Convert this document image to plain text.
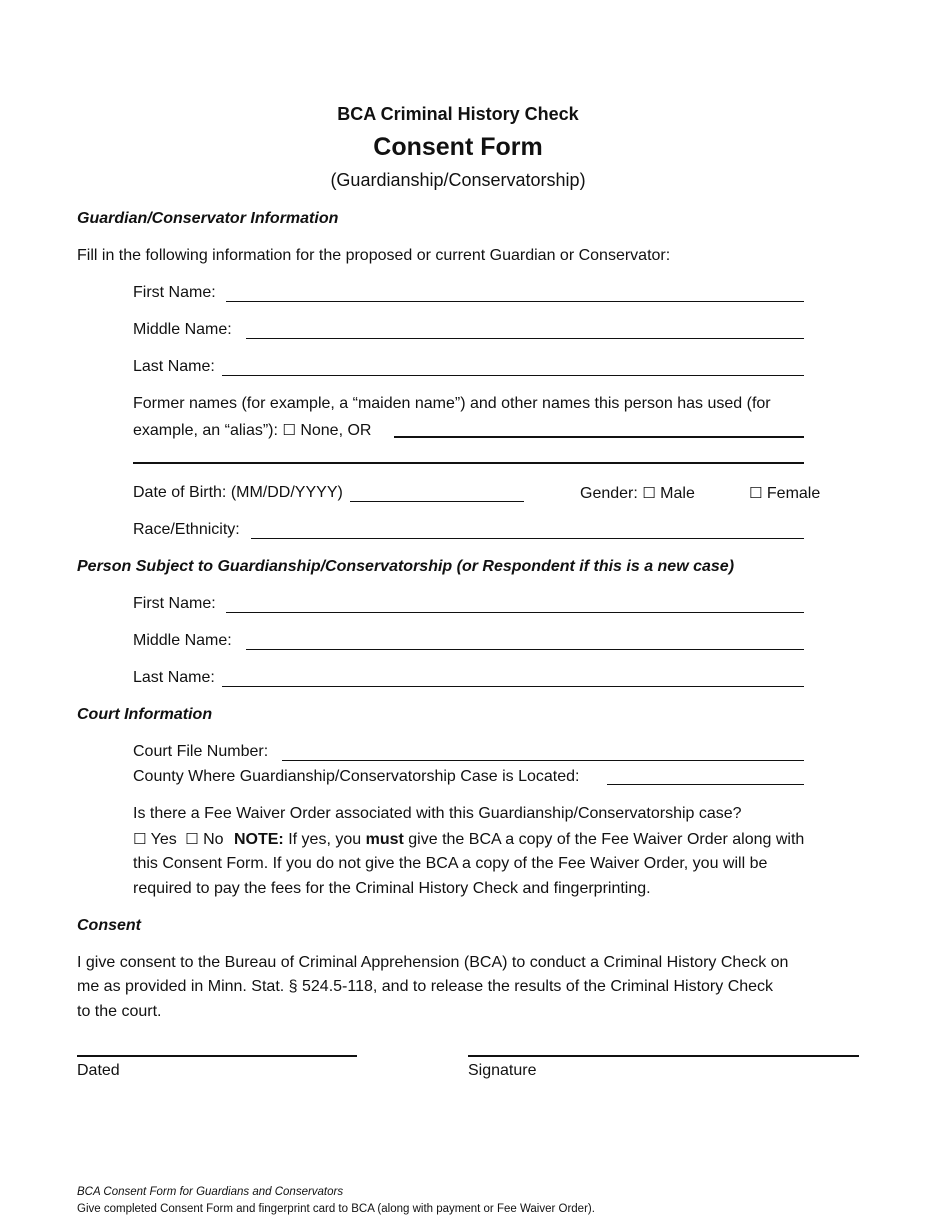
BCA Criminal History Check
Consent Form
(Guardianship/Conservatorship)
Guardian/Conservator Information
Fill in the following information for the proposed or current Guardian or Conservator:
First Name:
Middle Name:
Last Name:
Former names (for example, a “maiden name”) and other names this person has used (for
example, an “alias”): ☐ None, OR
Date of Birth: (MM/DD/YYYY)	Gender: ☐ Male	☐ Female
Race/Ethnicity:
Person Subject to Guardianship/Conservatorship (or Respondent if this is a new case)
First Name:
Middle Name:
Last Name:
Court Information
Court File Number:
County Where Guardianship/Conservatorship Case is Located:
Is there a Fee Waiver Order associated with this Guardianship/Conservatorship case?
☐ Yes ☐ No NOTE: If yes, you must give the BCA a copy of the Fee Waiver Order along with
this Consent Form. If you do not give the BCA a copy of the Fee Waiver Order, you will be
required to pay the fees for the Criminal History Check and fingerprinting.
Consent
I give consent to the Bureau of Criminal Apprehension (BCA) to conduct a Criminal History Check on
me as provided in Minn. Stat. § 524.5-118, and to release the results of the Criminal History Check
to the court.
Dated	Signature
BCA Consent Form for Guardians and Conservators
Give completed Consent Form and fingerprint card to BCA (along with payment or Fee Waiver Order).
